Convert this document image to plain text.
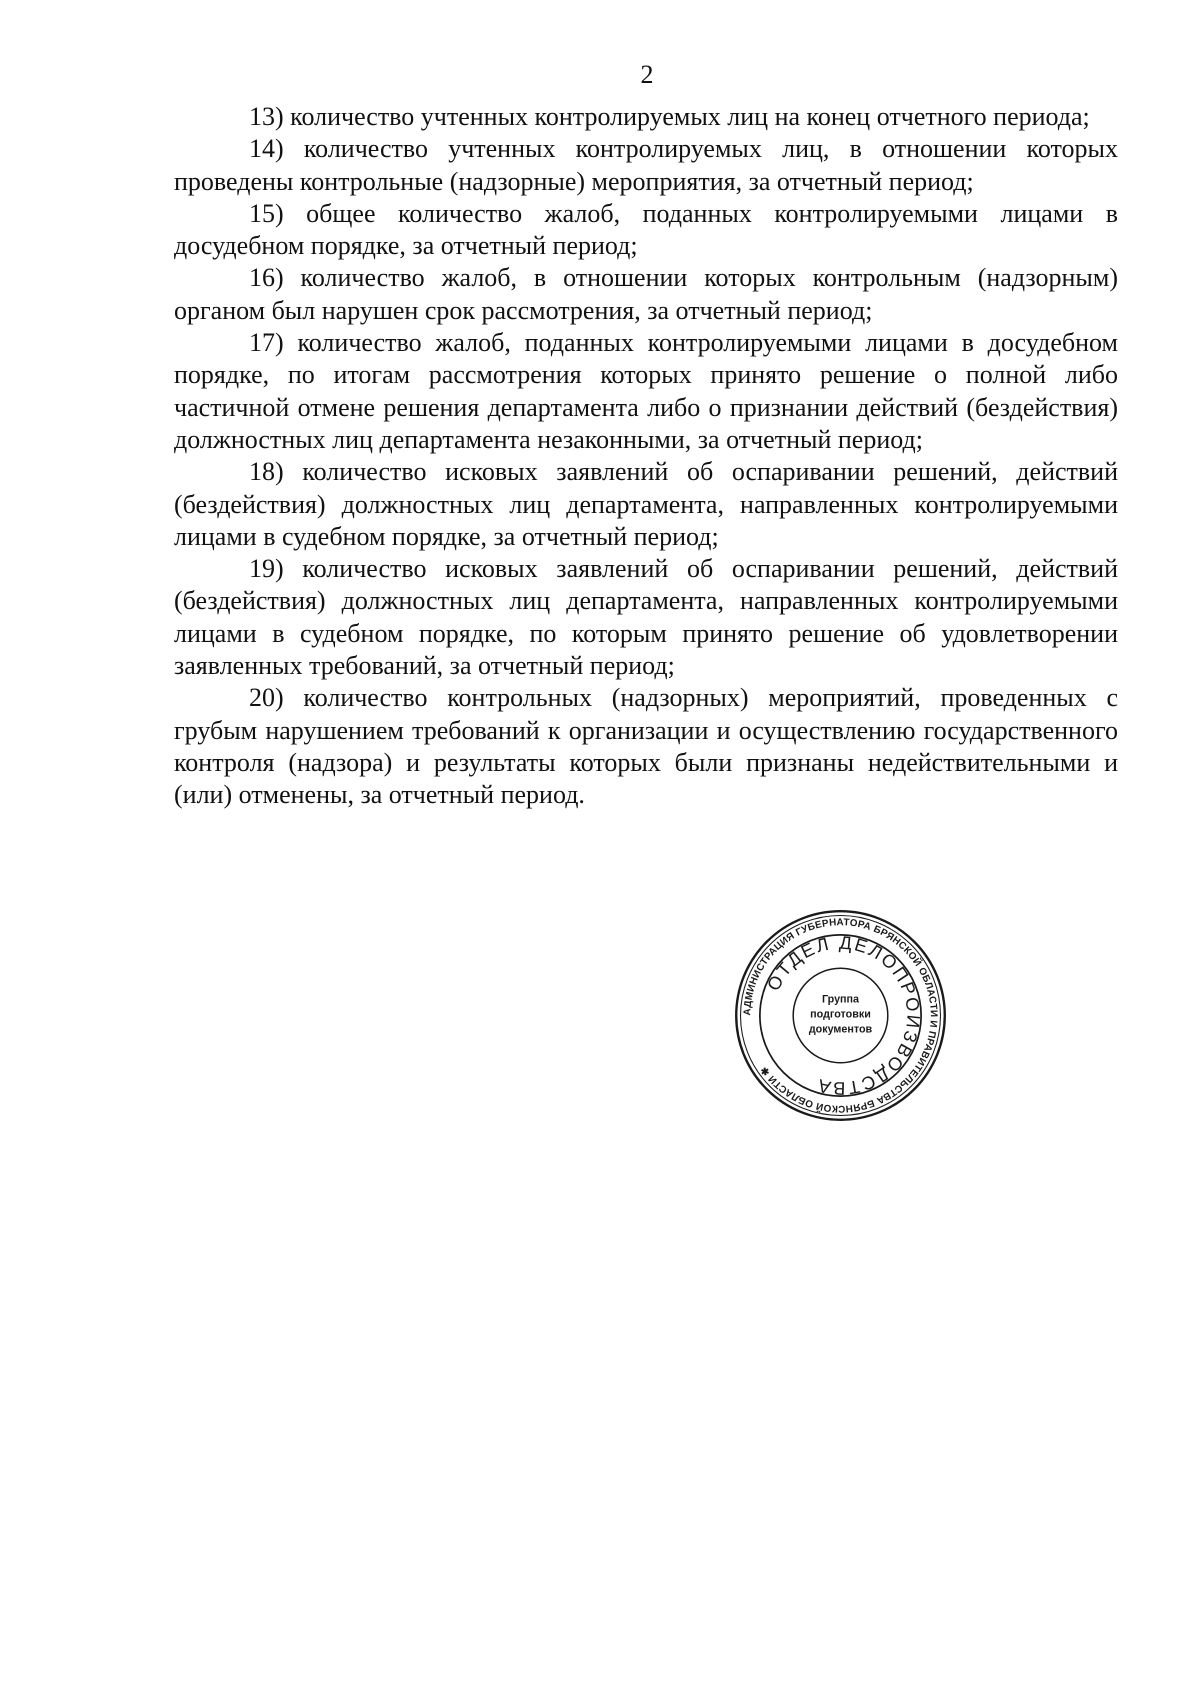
2

13) количество учтенных контролируемых лиц на конец отчетного периода;

14) количество учтенных контролируемых лиц, в отношении которых проведены контрольные (надзорные) мероприятия, за отчетный период;

15) общее количество жалоб, поданных контролируемыми лицами в досудебном порядке, за отчетный период;

16) количество жалоб, в отношении которых контрольным (надзорным) органом был нарушен срок рассмотрения, за отчетный период;

17) количество жалоб, поданных контролируемыми лицами в досудебном порядке, по итогам рассмотрения которых принято решение о полной либо частичной отмене решения департамента либо о признании действий (бездействия) должностных лиц департамента незаконными, за отчетный период;

18) количество исковых заявлений об оспаривании решений, действий (бездействия) должностных лиц департамента, направленных контролируемыми лицами в судебном порядке, за отчетный период;

19) количество исковых заявлений об оспаривании решений, действий (бездействия) должностных лиц департамента, направленных контролируемыми лицами в судебном порядке, по которым принято решение об удовлетворении заявленных требований, за отчетный период;

20) количество контрольных (надзорных) мероприятий, проведенных с грубым нарушением требований к организации и осуществлению государственного контроля (надзора) и результаты которых были признаны недействительными и (или) отменены, за отчетный период.

АДМИНИСТРАЦИЯ ГУБЕРНАТОРА БРЯНСКОЙ ОБЛАСТИ И ПРАВИТЕЛЬСТВА БРЯНСКОЙ ОБЛАСТИ ✱
ОТДЕЛ ДЕЛОПРОИЗВОДСТВА
Группа
подготовки
документов
